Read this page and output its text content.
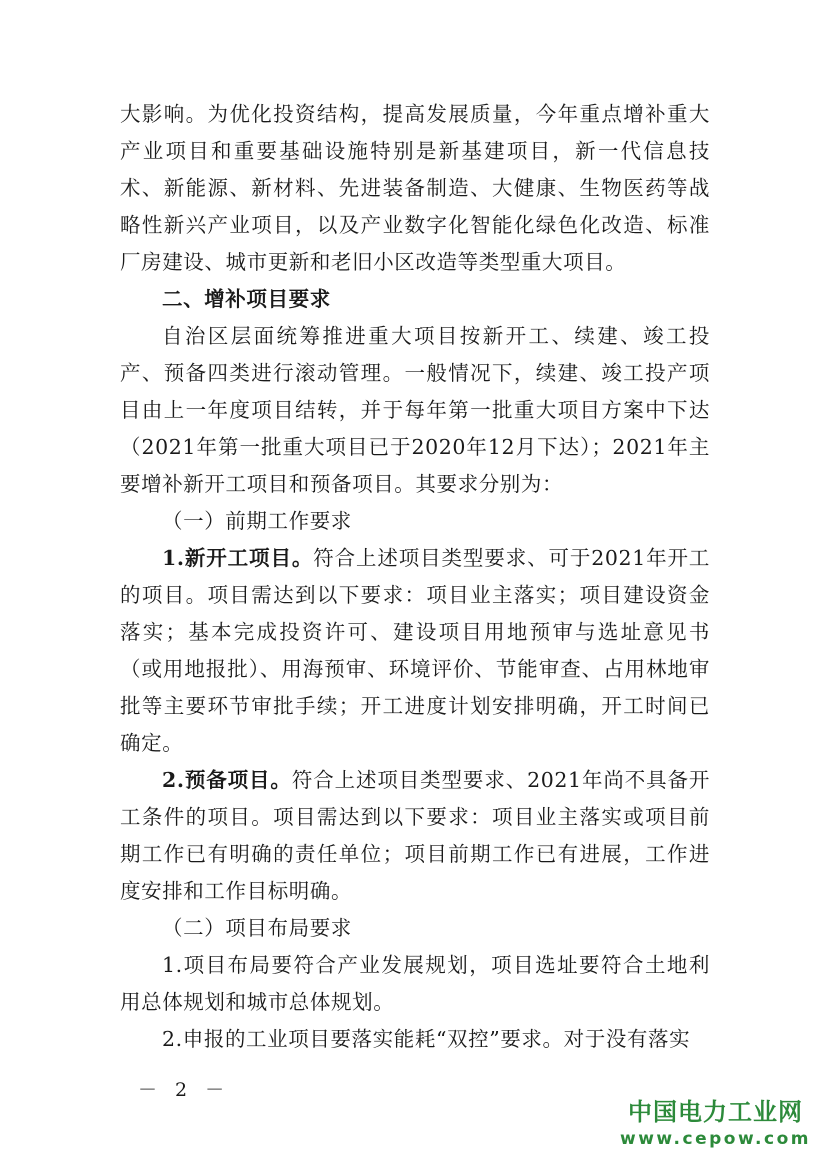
大影响。为优化投资结构，提高发展质量，今年重点增补重大产业项目和重要基础设施特别是新基建项目，新一代信息技术、新能源、新材料、先进装备制造、大健康、生物医药等战略性新兴产业项目，以及产业数字化智能化绿色化改造、标准厂房建设、城市更新和老旧小区改造等类型重大项目。

二、增补项目要求

自治区层面统筹推进重大项目按新开工、续建、竣工投产、预备四类进行滚动管理。一般情况下，续建、竣工投产项目由上一年度项目结转，并于每年第一批重大项目方案中下达（2021年第一批重大项目已于2020年12月下达）；2021年主要增补新开工项目和预备项目。其要求分别为：

（一）前期工作要求

1.新开工项目。符合上述项目类型要求、可于2021年开工的项目。项目需达到以下要求：项目业主落实；项目建设资金落实；基本完成投资许可、建设项目用地预审与选址意见书（或用地报批）、用海预审、环境评价、节能审查、占用林地审批等主要环节审批手续；开工进度计划安排明确，开工时间已确定。

2.预备项目。符合上述项目类型要求、2021年尚不具备开工条件的项目。项目需达到以下要求：项目业主落实或项目前期工作已有明确的责任单位；项目前期工作已有进展，工作进度安排和工作目标明确。

（二）项目布局要求

1.项目布局要符合产业发展规划，项目选址要符合土地利用总体规划和城市总体规划。

2.申报的工业项目要落实能耗“双控”要求。对于没有落实

－ 2 －
中国电力工业网
www.cepow.com
